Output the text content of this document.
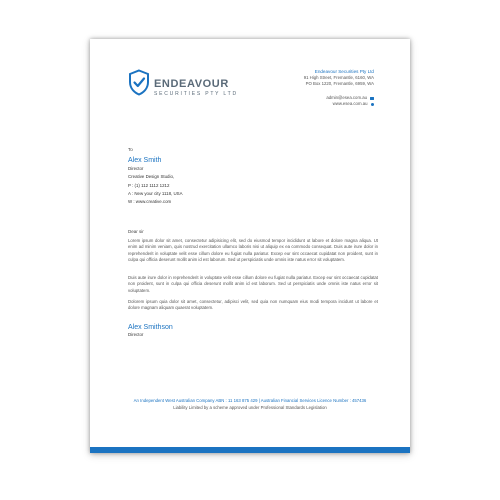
ENDEAVOUR
SECURITIES PTY LTD
Endeavour Securities Pty Ltd
91 High Street, Fremantle, 6160, WA
PO Box 1220, Fremantle, 6959, WA
admin@esea.com.au
www.esea.com.au
To
Alex Smith
Director
Creative Design Studio,
P : (1) 112 1112 1212
A : New your city 1118, USA
W : www.creative.com
Dear sir

Lorem ipsum dolor sit amet, consectetur adipisicing elit, sed do eiusmod tempor incididunt ut labore et dolore magna aliqua. Ut enim ad minim veniam, quis nostrud exercitation ullamco laboris nisi ut aliquip ex ea commodo consequat. Duis aute irure dolor in reprehenderit in voluptate velit esse cillum dolore eu fugiat nulla pariatur. Excep eur sint occaecat cupidatat non proident, sunt in culpa qui officia deserunt mollit anim id est laborum. Sed ut perspiciatis unde omnis iste natus error sit voluptatem.

Duis aute irure dolor in reprehenderit in voluptate velit esse cillum dolore eu fugiat nulla pariatur. Excep eur sint occaecat cupidatat non proident, sunt in culpa qui officia deserunt mollit anim id est laborum. Sed ut perspiciatis unde omnis iste natus error sit voluptatem.

Dolorem ipsum quia dolor sit amet, consectetur, adipisci velit, sed quia non numquam eius modi tempora incidunt ut labore et dolore magnam aliquam quaerat voluptatem.

Alex Smithson
Director
An Independent West Australian Company ABN : 11 163 875 429 | Australian Financial Services Licence Number : 457436
Liability Limited by a scheme approved under Professional Standards Legislation
